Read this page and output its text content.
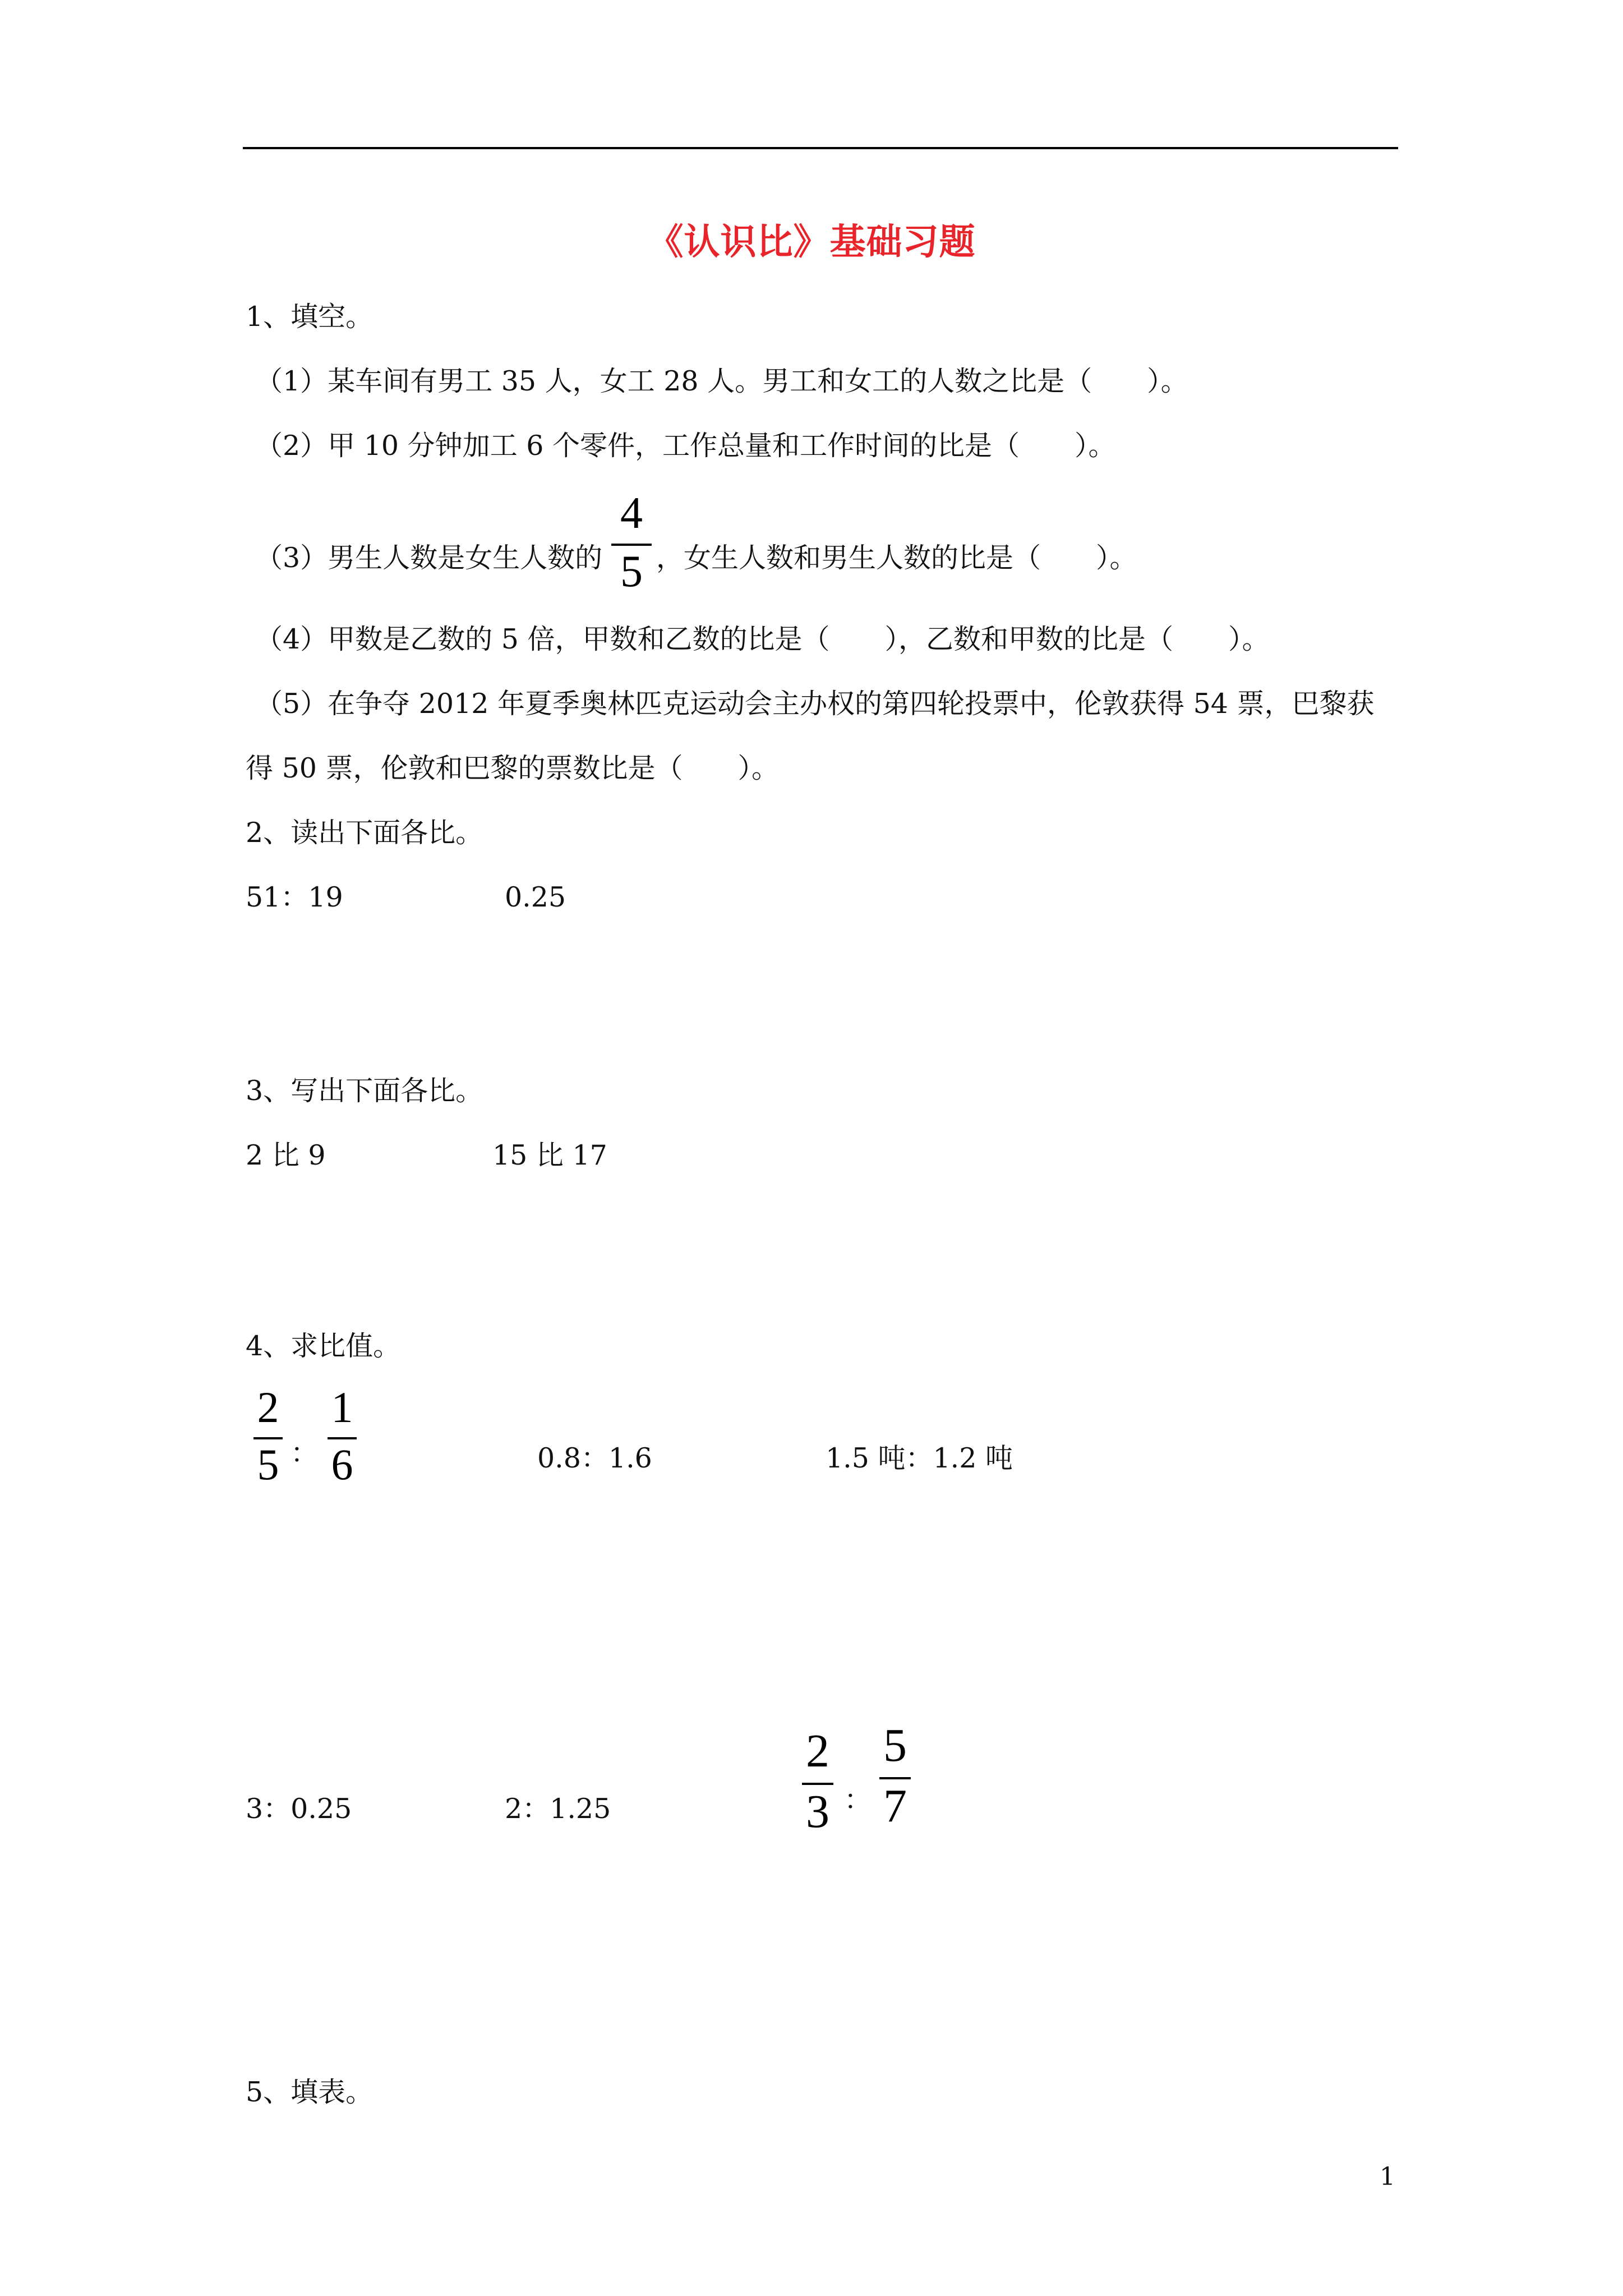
《认识比》基础习题
1、填空。
（1）某车间有男工 35 人，女工 28 人。男工和女工的人数之比是（　　）。
（2）甲 10 分钟加工 6 个零件，工作总量和工作时间的比是（　　）。
（3）男生人数是女生人数的
4
5 ，女生人数和男生人数的比是（　　）。
（4）甲数是乙数的 5 倍，甲数和乙数的比是（　　），乙数和甲数的比是（　　）。
（5）在争夺 2012 年夏季奥林匹克运动会主办权的第四轮投票中，伦敦获得 54 票，巴黎获
得 50 票，伦敦和巴黎的票数比是（　　）。
2、读出下面各比。
51：19	0.25
3、写出下面各比。
2 比 9	15 比 17
4、求比值。
2
5 ：
1
6	0.8：1.6	1.5 吨：1.2 吨
3：0.25	2：1.25
2
3 ：
5
7
5、填表。
1
